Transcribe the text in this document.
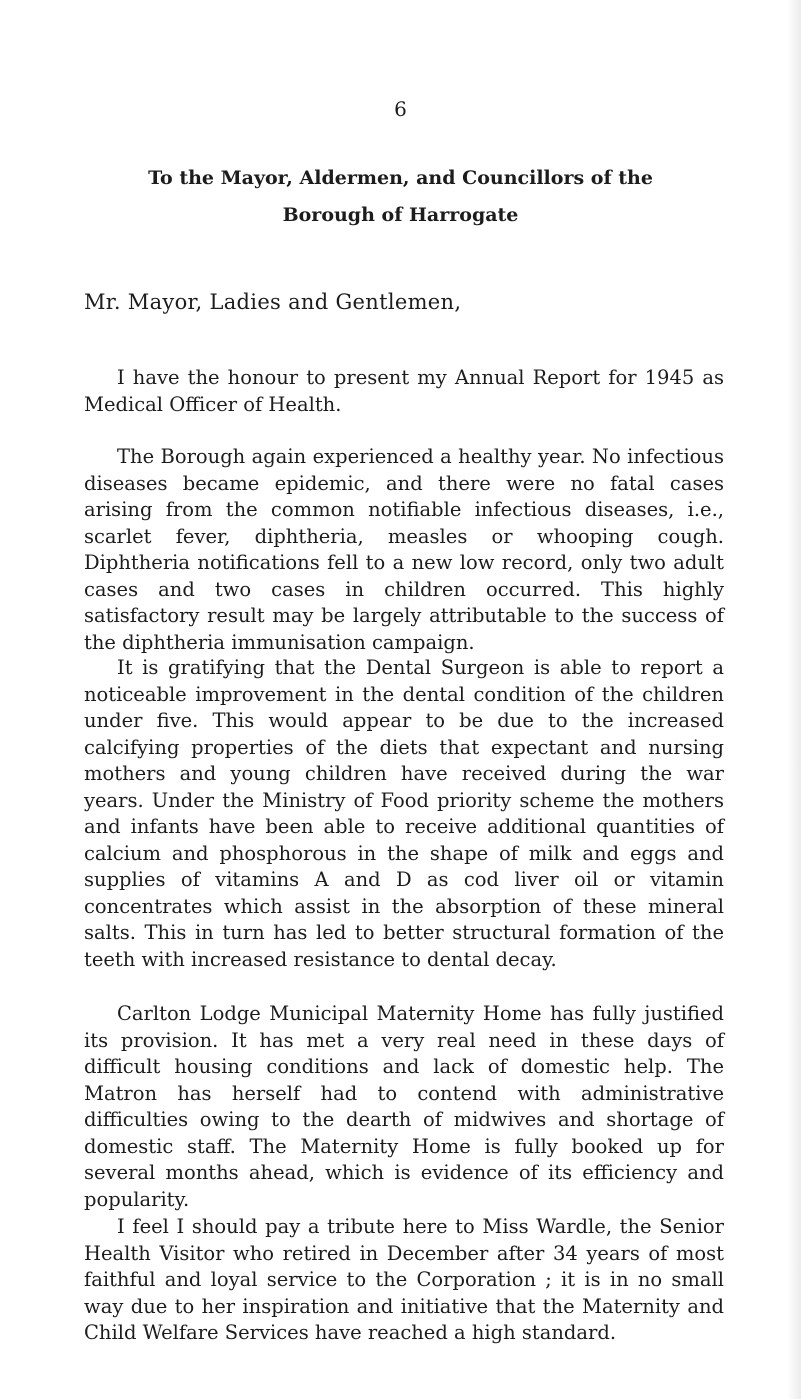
6

To the Mayor, Aldermen, and Councillors of the
Borough of Harrogate

Mr. Mayor, Ladies and Gentlemen,

I have the honour to present my Annual Report for 1945 as Medical Officer of Health.

The Borough again experienced a healthy year. No infectious diseases became epidemic, and there were no fatal cases arising from the common notifiable infectious diseases, i.e., scarlet fever, diphtheria, measles or whooping cough. Diphtheria notifications fell to a new low record, only two adult cases and two cases in children occurred. This highly satisfactory result may be largely attributable to the success of the diphtheria immunisation campaign.

It is gratifying that the Dental Surgeon is able to report a noticeable improvement in the dental condition of the children under five. This would appear to be due to the increased calcifying properties of the diets that expectant and nursing mothers and young children have received during the war years. Under the Ministry of Food priority scheme the mothers and infants have been able to receive additional quantities of calcium and phosphorous in the shape of milk and eggs and supplies of vitamins A and D as cod liver oil or vitamin concentrates which assist in the absorption of these mineral salts. This in turn has led to better structural formation of the teeth with increased resistance to dental decay.

Carlton Lodge Municipal Maternity Home has fully justified its provision. It has met a very real need in these days of difficult housing conditions and lack of domestic help. The Matron has herself had to contend with administrative difficulties owing to the dearth of midwives and shortage of domestic staff. The Maternity Home is fully booked up for several months ahead, which is evidence of its efficiency and popularity.

I feel I should pay a tribute here to Miss Wardle, the Senior Health Visitor who retired in December after 34 years of most faithful and loyal service to the Corporation ; it is in no small way due to her inspiration and initiative that the Maternity and Child Welfare Services have reached a high standard.
